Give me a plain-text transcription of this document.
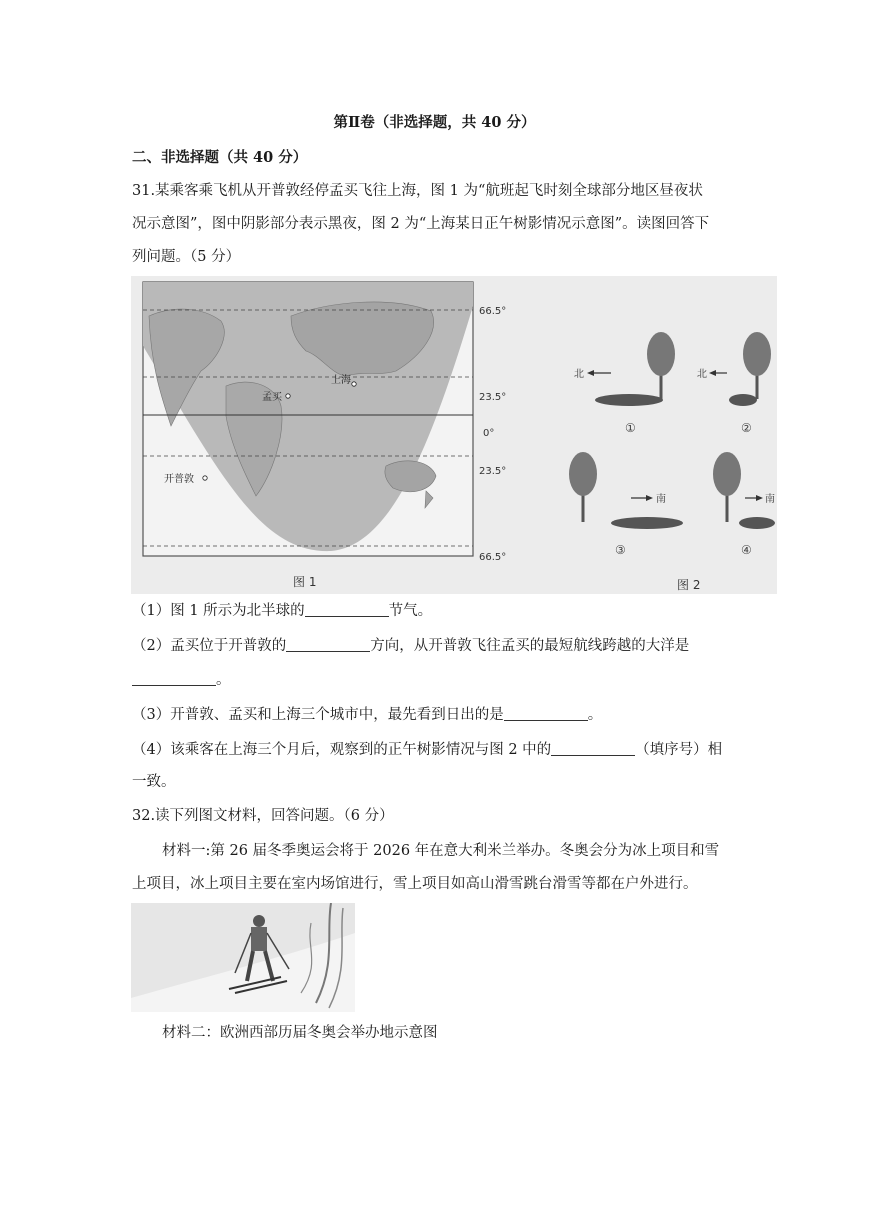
第Ⅱ卷（非选择题，共 40 分）
二、非选择题（共 40 分）
31.某乘客乘飞机从开普敦经停孟买飞往上海，图 1 为“航班起飞时刻全球部分地区昼夜状
况示意图”，图中阴影部分表示黑夜，图 2 为“上海某日正午树影情况示意图”。读图回答下
列问题。（5 分）
上海
孟买
开普敦
66.5°
23.5°
0°
23.5°
66.5°
图 1
北
①
北
②
南
③
南
④
图 2
（1）图 1 所示为北半球的	节气。
（2）孟买位于开普敦的	方向，从开普敦飞往孟买的最短航线跨越的大洋是
。
（3）开普敦、孟买和上海三个城市中，最先看到日出的是	。
（4）该乘客在上海三个月后，观察到的正午树影情况与图 2 中的	（填序号）相
一致。
32.读下列图文材料，回答问题。（6 分）
材料一:第 26 届冬季奥运会将于 2026 年在意大利米兰举办。冬奥会分为冰上项目和雪
上项目，冰上项目主要在室内场馆进行，雪上项目如高山滑雪跳台滑雪等都在户外进行。
材料二：欧洲西部历届冬奥会举办地示意图
